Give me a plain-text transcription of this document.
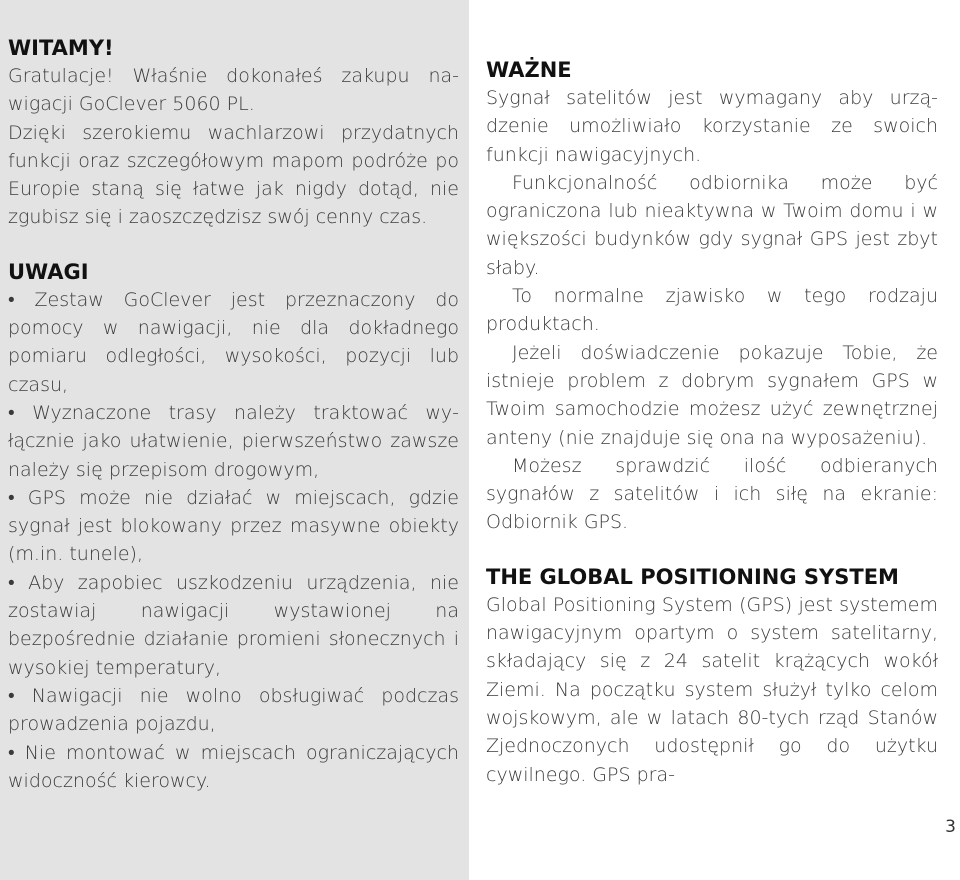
WITAMY!

Gratulacje! Właśnie dokonałeś zakupu nawigacji GoClever 5060 PL.

Dzięki szerokiemu wachlarzowi przydatnych funkcji oraz szczegółowym mapom podróże po Europie staną się łatwe jak nigdy dotąd, nie zgubisz się i zaoszczędzisz swój cenny czas.

UWAGI

• Zestaw GoClever jest przeznaczony do pomocy w nawigacji, nie dla dokładnego pomiaru odległości, wysokości, pozycji lub czasu,

• Wyznaczone trasy należy traktować wyłącznie jako ułatwienie, pierwszeństwo zawsze należy się przepisom drogowym,

• GPS może nie działać w miejscach, gdzie sygnał jest blokowany przez masywne obiekty (m.in. tunele),

• Aby zapobiec uszkodzeniu urządzenia, nie zostawiaj nawigacji wystawionej na bezpośrednie działanie promieni słonecznych i wysokiej temperatury,

• Nawigacji nie wolno obsługiwać podczas prowadzenia pojazdu,

• Nie montować w miejscach ograniczających widoczność kierowcy.

WAŻNE

Sygnał satelitów jest wymagany aby urządzenie umożliwiało korzystanie ze swoich funkcji nawigacyjnych.

Funkcjonalność odbiornika może być ograniczona lub nieaktywna w Twoim domu i w większości budynków gdy sygnał GPS jest zbyt słaby.

To normalne zjawisko w tego rodzaju produktach.

Jeżeli doświadczenie pokazuje Tobie, że istnieje problem z dobrym sygnałem GPS w Twoim samochodzie możesz użyć zewnętrznej anteny (nie znajduje się ona na wyposażeniu).

Możesz sprawdzić ilość odbieranych sygnałów z satelitów i ich siłę na ekranie: Odbiornik GPS.

THE GLOBAL POSITIONING SYSTEM

Global Positioning System (GPS) jest systemem nawigacyjnym opartym o system satelitarny, składający się z 24 satelit krążących wokół Ziemi. Na początku system służył tylko celom wojskowym, ale w latach 80-tych rząd Stanów Zjednoczonych udostępnił go do użytku cywilnego. GPS pra-

3
